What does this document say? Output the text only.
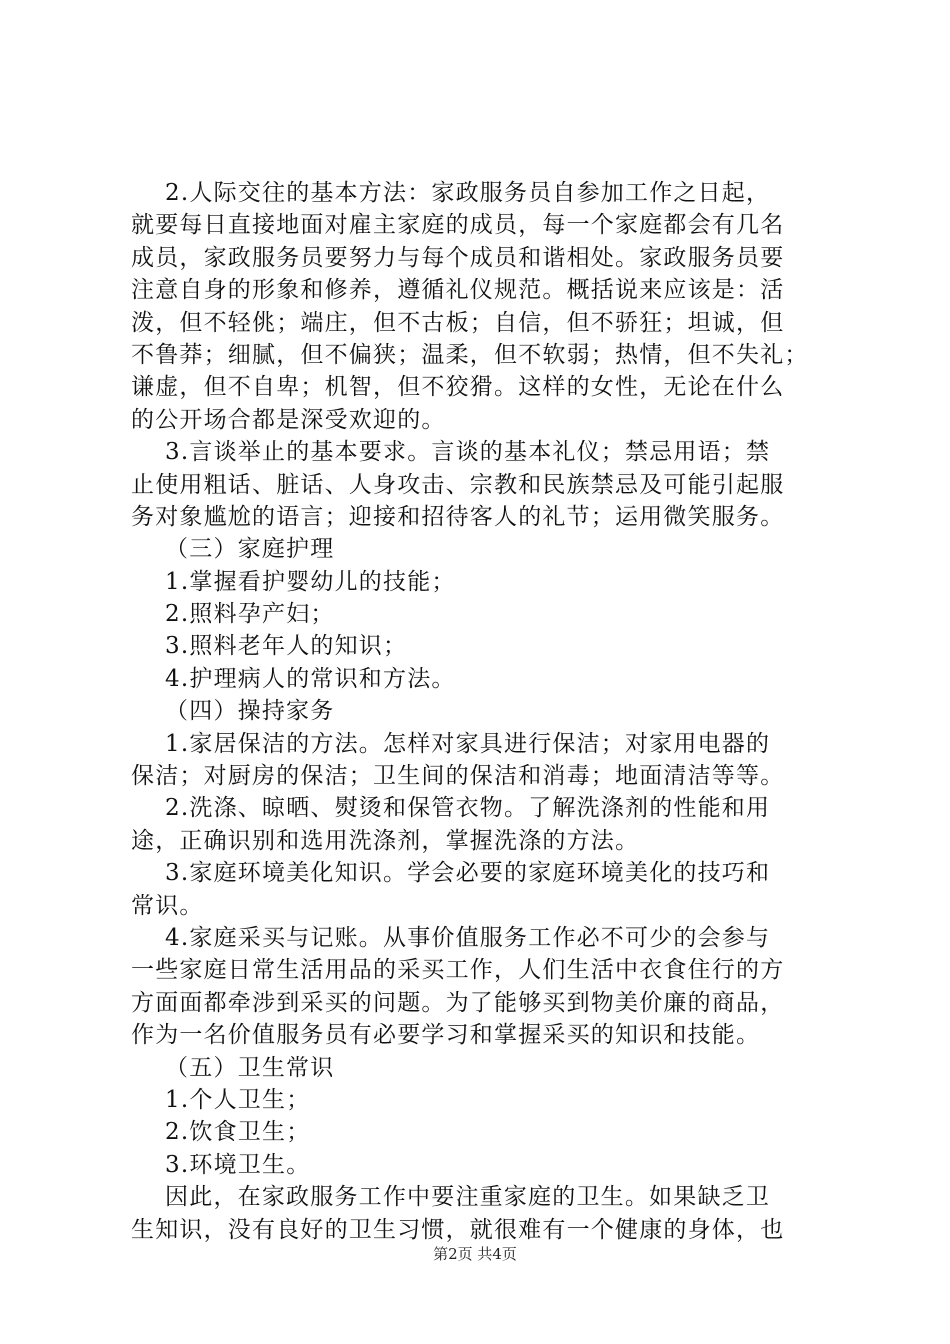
2.人际交往的基本方法：家政服务员自参加工作之日起，
就要每日直接地面对雇主家庭的成员，每一个家庭都会有几名
成员，家政服务员要努力与每个成员和谐相处。家政服务员要
注意自身的形象和修养，遵循礼仪规范。概括说来应该是：活
泼，但不轻佻；端庄，但不古板；自信，但不骄狂；坦诚，但
不鲁莽；细腻，但不偏狭；温柔，但不软弱；热情，但不失礼；
谦虚，但不自卑；机智，但不狡猾。这样的女性，无论在什么
的公开场合都是深受欢迎的。
3.言谈举止的基本要求。言谈的基本礼仪；禁忌用语；禁
止使用粗话、脏话、人身攻击、宗教和民族禁忌及可能引起服
务对象尴尬的语言；迎接和招待客人的礼节；运用微笑服务。
（三）家庭护理
1.掌握看护婴幼儿的技能；
2.照料孕产妇；
3.照料老年人的知识；
4.护理病人的常识和方法。
（四）操持家务
1.家居保洁的方法。怎样对家具进行保洁；对家用电器的
保洁；对厨房的保洁；卫生间的保洁和消毒；地面清洁等等。
2.洗涤、晾晒、熨烫和保管衣物。了解洗涤剂的性能和用
途，正确识别和选用洗涤剂，掌握洗涤的方法。
3.家庭环境美化知识。学会必要的家庭环境美化的技巧和
常识。
4.家庭采买与记账。从事价值服务工作必不可少的会参与
一些家庭日常生活用品的采买工作，人们生活中衣食住行的方
方面面都牵涉到采买的问题。为了能够买到物美价廉的商品，
作为一名价值服务员有必要学习和掌握采买的知识和技能。
（五）卫生常识
1.个人卫生；
2.饮食卫生；
3.环境卫生。
因此，在家政服务工作中要注重家庭的卫生。如果缺乏卫
生知识，没有良好的卫生习惯，就很难有一个健康的身体，也
第2页 共4页
